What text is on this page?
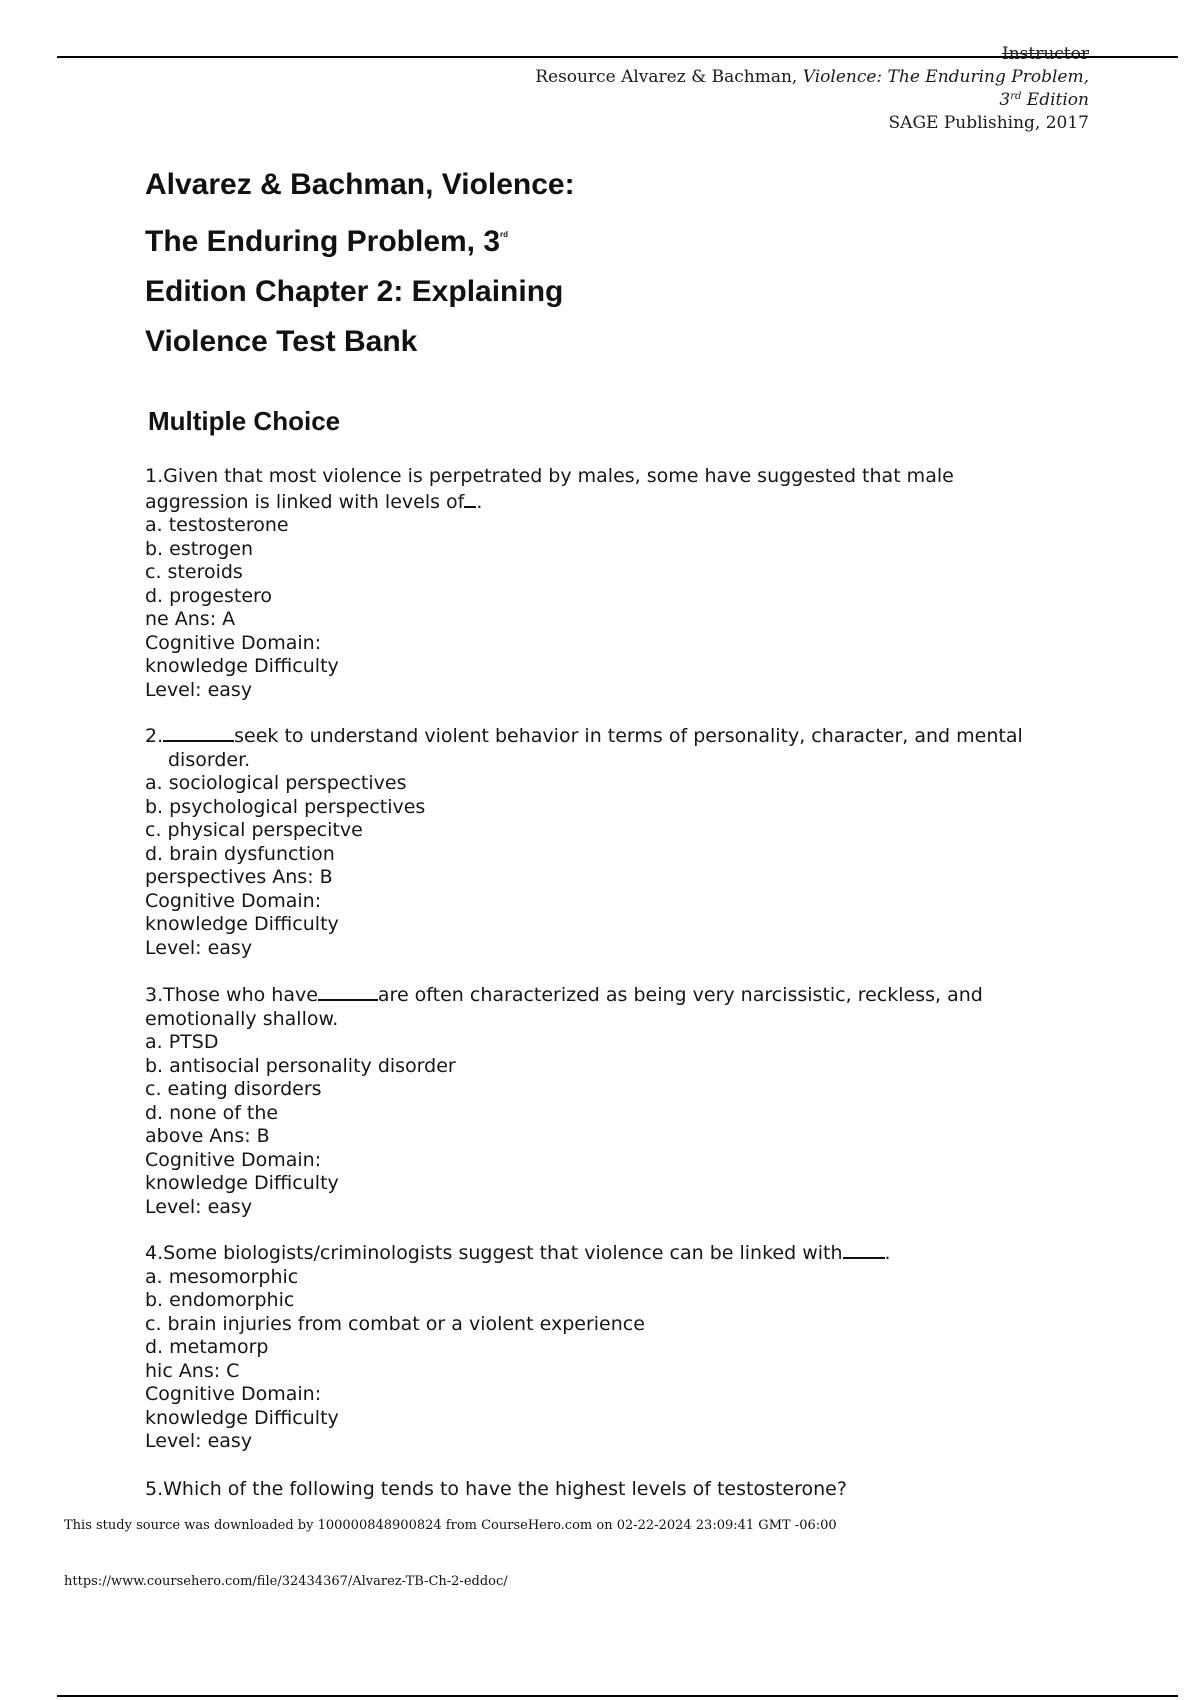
Instructor
Resource Alvarez & Bachman, Violence: The Enduring Problem,
3rd Edition
SAGE Publishing, 2017
Alvarez & Bachman, Violence:
The Enduring Problem, 3rd
Edition Chapter 2: Explaining
Violence Test Bank
Multiple Choice
1.Given that most violence is perpetrated by males, some have suggested that male
aggression is linked with levels of .
a. testosterone
b. estrogen
c. steroids
d. progestero
ne Ans: A
Cognitive Domain:
knowledge Difficulty
Level: easy
2.	seek to understand violent behavior in terms of personality, character, and mental
disorder.
a. sociological perspectives
b. psychological perspectives
c. physical perspecitve
d. brain dysfunction
perspectives Ans: B
Cognitive Domain:
knowledge Difficulty
Level: easy
3.Those who have	are often characterized as being very narcissistic, reckless, and
emotionally shallow.
a. PTSD
b. antisocial personality disorder
c. eating disorders
d. none of the
above Ans: B
Cognitive Domain:
knowledge Difficulty
Level: easy
4.Some biologists/criminologists suggest that violence can be linked with .
a. mesomorphic
b. endomorphic
c. brain injuries from combat or a violent experience
d. metamorp
hic Ans: C
Cognitive Domain:
knowledge Difficulty
Level: easy
5.Which of the following tends to have the highest levels of testosterone?
This study source was downloaded by 100000848900824 from CourseHero.com on 02-22-2024 23:09:41 GMT -06:00
https://www.coursehero.com/file/32434367/Alvarez-TB-Ch-2-eddoc/
